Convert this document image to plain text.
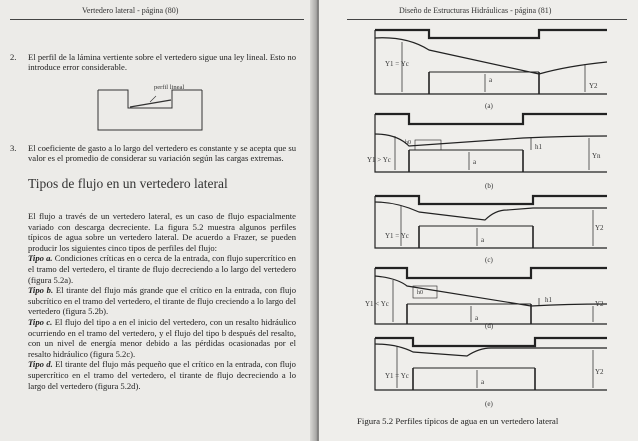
Vertedero lateral - página (80)
2. El perfil de la lámina vertiente sobre el vertedero sigue una ley lineal. Esto no introduce error considerable.
perfil lineal
3. El coeficiente de gasto a lo largo del vertedero es constante y se acepta que su valor es el promedio de considerar su variación según las cargas extremas.
Tipos de flujo en un vertedero lateral

El flujo a través de un vertedero lateral, es un caso de flujo espacialmente variado con descarga decreciente. La figura 5.2 muestra algunos perfiles típicos de agua sobre un vertedero lateral. De acuerdo a Frazer, se pueden producir los siguientes cinco tipos de perfiles del flujo:

Tipo a. Condiciones críticas en o cerca de la entrada, con flujo supercrítico en el tramo del vertedero, el tirante de flujo decreciendo a lo largo del vertedero (figura 5.2a).

Tipo b. El tirante del flujo más grande que el crítico en la entrada, con flujo subcrítico en el tramo del vertedero, el tirante de flujo creciendo a lo largo del vertedero (figura 5.2b).

Tipo c. El flujo del tipo a en el inicio del vertedero, con un resalto hidráulico ocurriendo en el tramo del vertedero, y el flujo del tipo b después del resalto, con un nivel de energía menor debido a las pérdidas ocasionadas por el resalto hidráulico (figura 5.2c).

Tipo d. El tirante del flujo más pequeño que el crítico en la entrada, con flujo supercrítico en el tramo del vertedero, el tirante de flujo decreciendo a lo largo del vertedero (figura 5.2d).

Diseño de Estructuras Hidráulicas - página (81)
Y1 = Yc
a
Y2
(a)
h0	h1
Y1 > Yc	a
Yn
(b)
Y1 = Yc	a
Y2
(c)
h0
h1
Y1 < Yc
a
Y2
(d)
Y1 = Yc
a
Y2
(e)
Figura 5.2 Perfiles típicos de agua en un vertedero lateral
